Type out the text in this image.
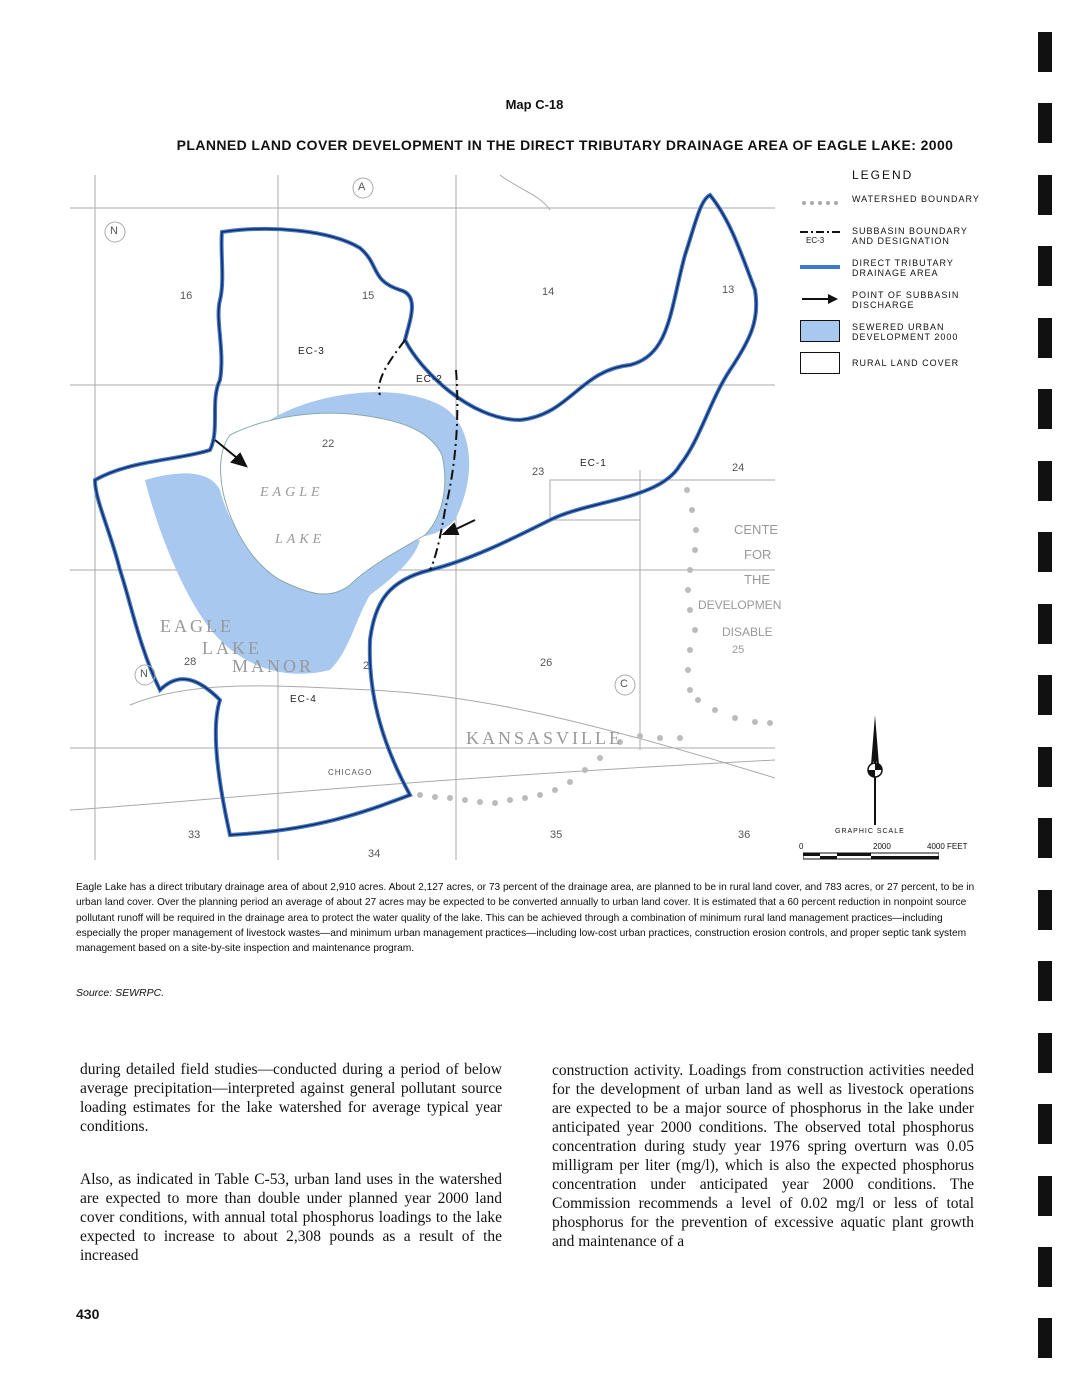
Map C-18
PLANNED LAND COVER DEVELOPMENT IN THE DIRECT TRIBUTARY DRAINAGE AREA OF EAGLE LAKE: 2000
A
N
N
C
16	15	14	13
22
23	24
28	26
33
34
35	36
2
EC-3
EC-2
EC-1
EC-4
EAGLE
LAKE
EAGLE
LAKE
MANOR
KANSASVILLE
CHICAGO
CENTE
FOR
THE
DEVELOPMEN
DISABLE
25
LEGEND
WATERSHED BOUNDARY
EC-3
SUBBASIN BOUNDARY AND DESIGNATION
DIRECT TRIBUTARY DRAINAGE AREA
POINT OF SUBBASIN DISCHARGE
SEWERED URBAN DEVELOPMENT 2000
RURAL LAND COVER
GRAPHIC SCALE
0	2000	4000 FEET
Eagle Lake has a direct tributary drainage area of about 2,910 acres. About 2,127 acres, or 73 percent of the drainage area, are planned to be in rural land cover, and 783 acres, or 27 percent, to be in urban land cover. Over the planning period an average of about 27 acres may be expected to be converted annually to urban land cover. It is estimated that a 60 percent reduction in nonpoint source pollutant runoff will be required in the drainage area to protect the water quality of the lake. This can be achieved through a combination of minimum rural land management practices—including especially the proper management of livestock wastes—and minimum urban management practices—including low-cost urban practices, construction erosion controls, and proper septic tank system management based on a site-by-site inspection and maintenance program.
Source: SEWRPC.

during detailed field studies—conducted during a period of below average precipitation—interpreted against general pollutant source loading estimates for the lake watershed for average typical year conditions.

Also, as indicated in Table C-53, urban land uses in the watershed are expected to more than double under planned year 2000 land cover conditions, with annual total phosphorus loadings to the lake expected to increase to about 2,308 pounds as a result of the increased

construction activity. Loadings from construction activities needed for the development of urban land as well as livestock operations are expected to be a major source of phosphorus in the lake under anticipated year 2000 conditions. The observed total phosphorus concentration during study year 1976 spring overturn was 0.05 milligram per liter (mg/l), which is also the expected phosphorus concentration under anticipated year 2000 conditions. The Commission recommends a level of 0.02 mg/l or less of total phosphorus for the prevention of excessive aquatic plant growth and maintenance of a

430
